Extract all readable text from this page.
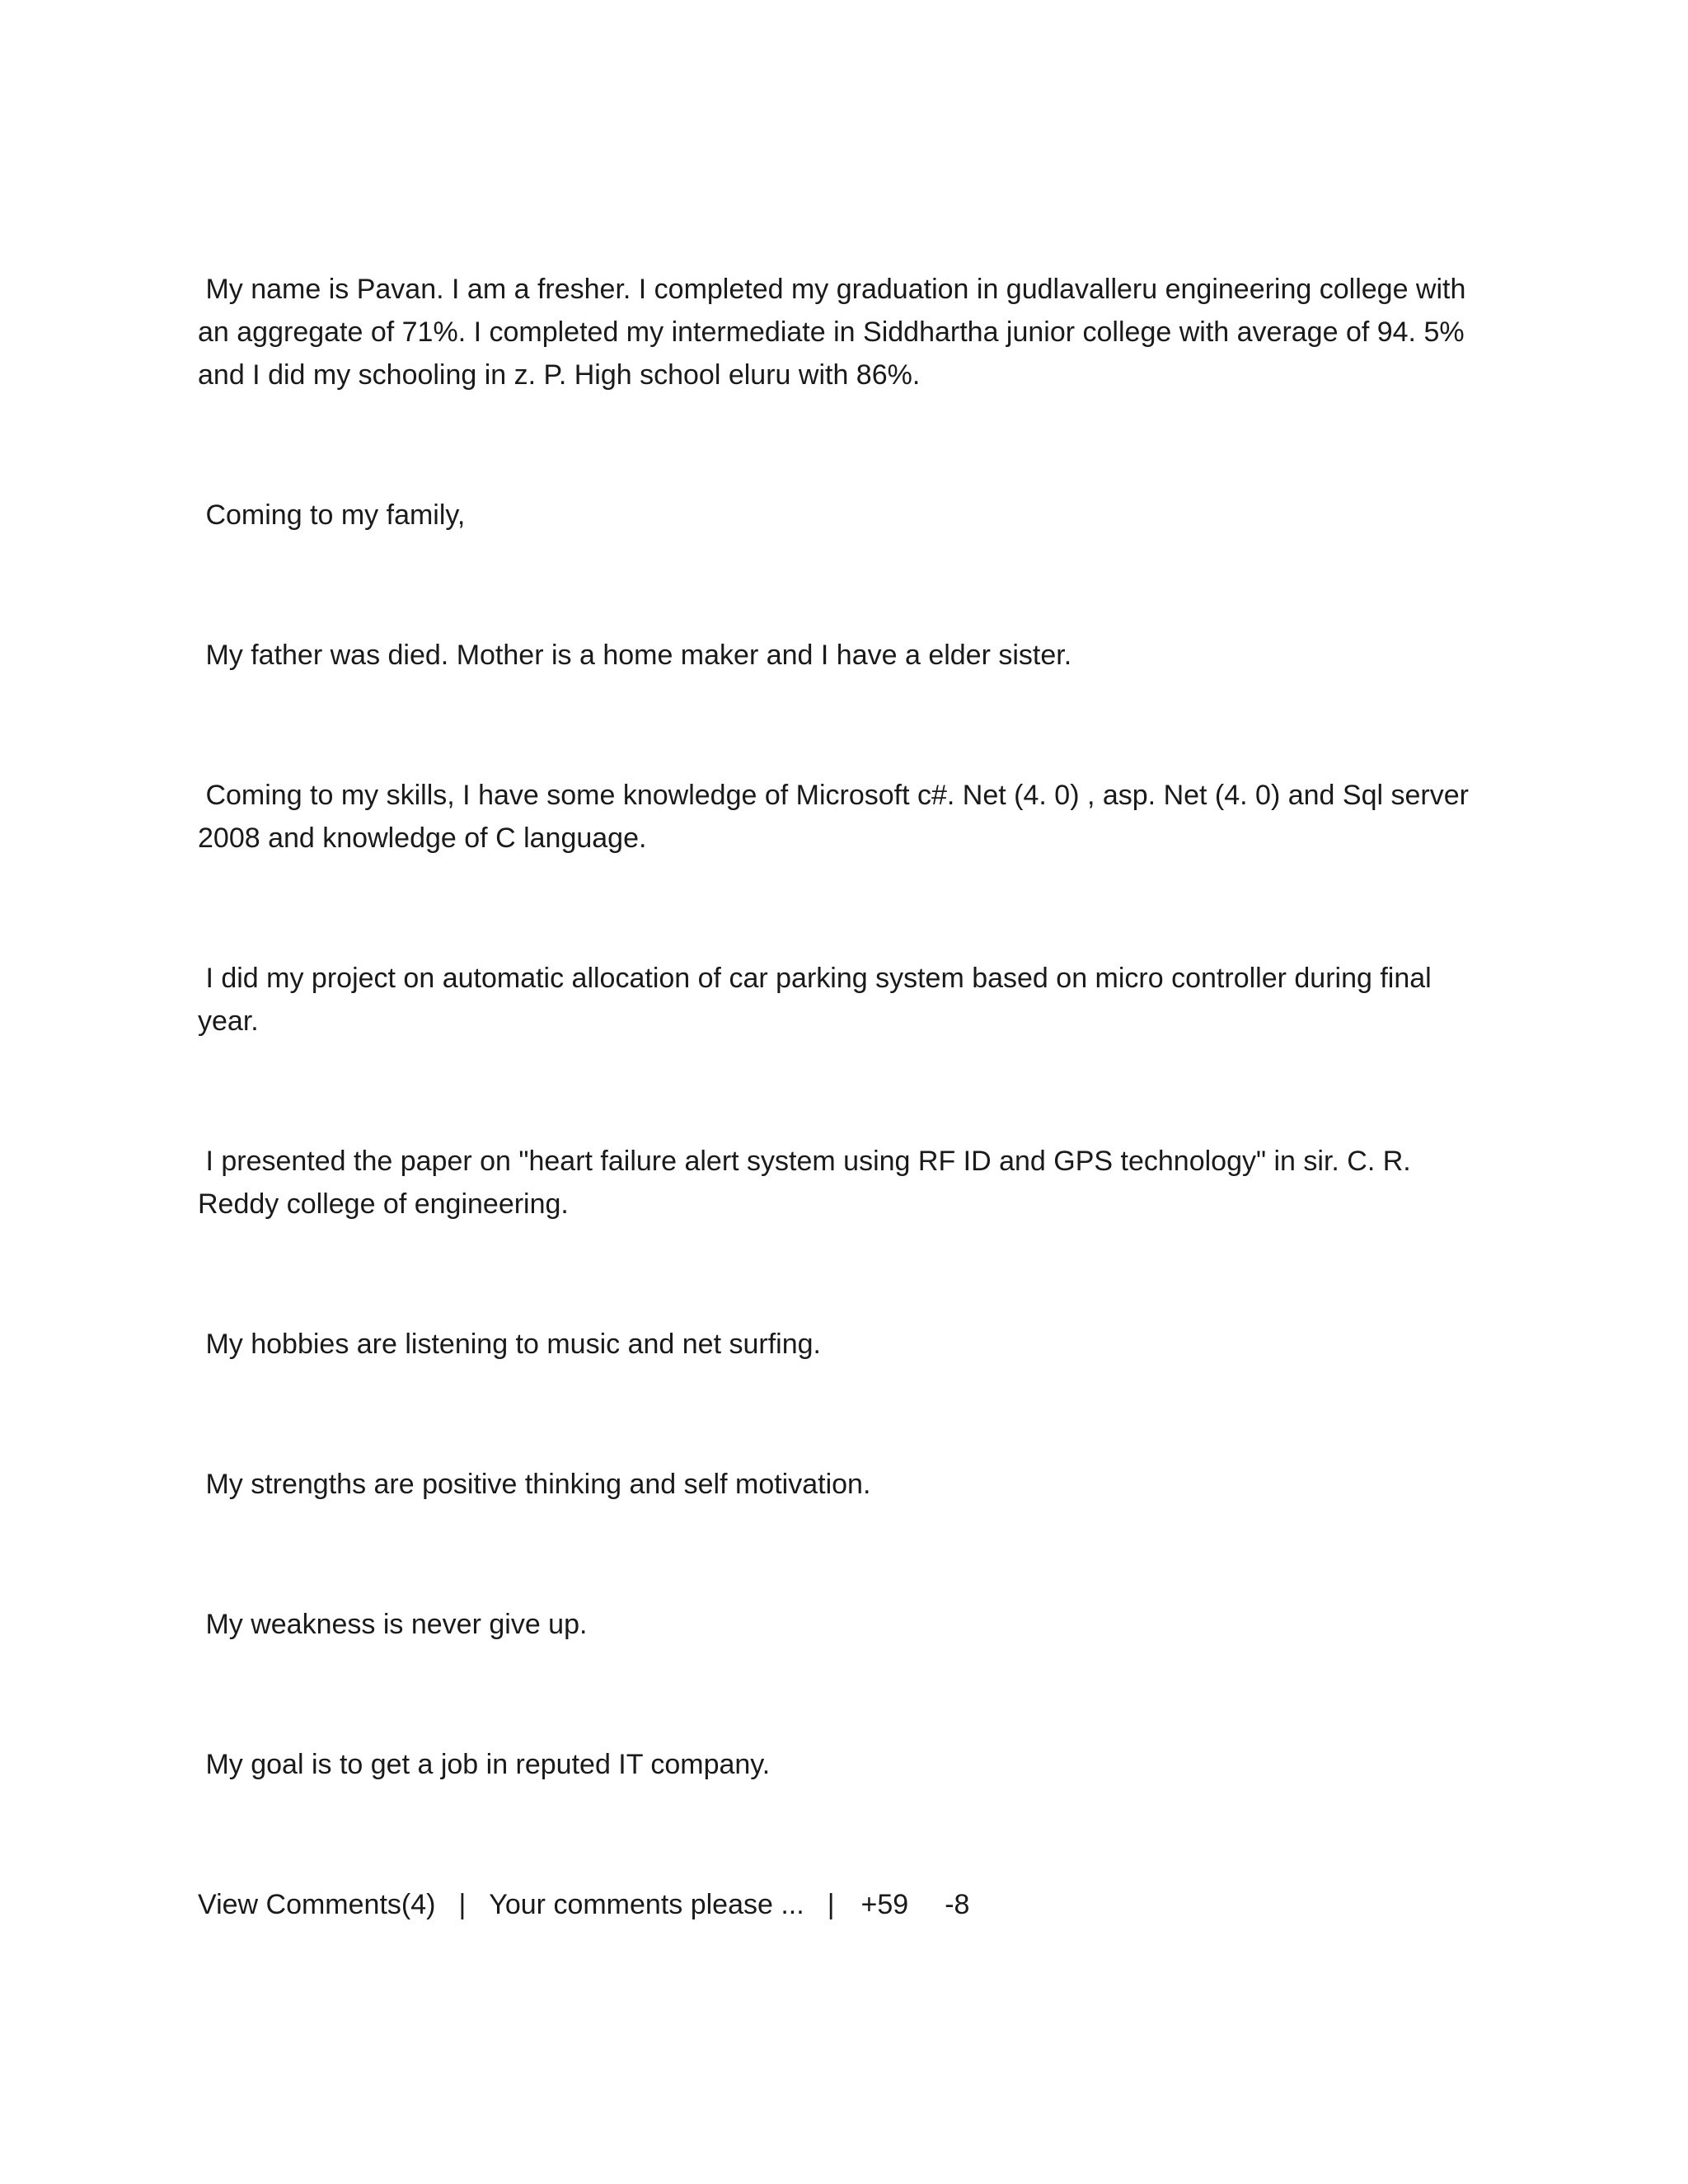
My name is Pavan. I am a fresher. I completed my graduation in gudlavalleru engineering college with an aggregate of 71%. I completed my intermediate in Siddhartha junior college with average of 94. 5% and I did my schooling in z. P. High school eluru with 86%.

Coming to my family,

My father was died. Mother is a home maker and I have a elder sister.

Coming to my skills, I have some knowledge of Microsoft c#. Net (4. 0) , asp. Net (4. 0) and Sql server 2008 and knowledge of C language.

I did my project on automatic allocation of car parking system based on micro controller during final year.

I presented the paper on "heart failure alert system using RF ID and GPS technology" in sir. C. R. Reddy college of engineering.

My hobbies are listening to music and net surfing.

My strengths are positive thinking and self motivation.

My weakness is never give up.

My goal is to get a job in reputed IT company.

View Comments(4) | Your comments please ... | +59 -8
